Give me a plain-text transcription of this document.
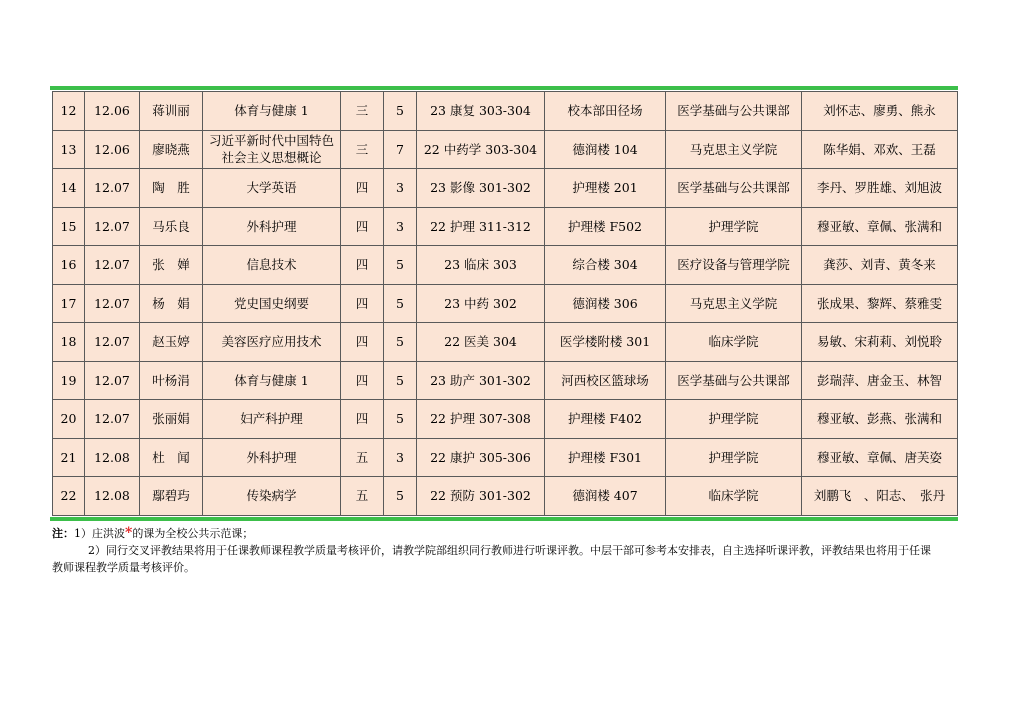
12	12.06	蒋训丽	体育与健康 1	三	5	23 康复 303-304	校本部田径场	医学基础与公共课部	刘怀志、廖勇、熊永
13	12.06	廖晓燕	习近平新时代中国特色社会主义思想概论	三	7	22 中药学 303-304	德润楼 104	马克思主义学院	陈华娟、邓欢、王磊
14	12.07	陶　胜	大学英语	四	3	23 影像 301-302	护理楼 201	医学基础与公共课部	李丹、罗胜雄、刘旭波
15	12.07	马乐良	外科护理	四	3	22 护理 311-312	护理楼 F502	护理学院	穆亚敏、章佩、张满和
16	12.07	张　婵	信息技术	四	5	23 临床 303	综合楼 304	医疗设备与管理学院	龚莎、刘青、黄冬来
17	12.07	杨　娟	党史国史纲要	四	5	23 中药 302	德润楼 306	马克思主义学院	张成果、黎辉、蔡雅雯
18	12.07	赵玉婷	美容医疗应用技术	四	5	22 医美 304	医学楼附楼 301	临床学院	易敏、宋莉莉、刘悦聆
19	12.07	叶杨涓	体育与健康 1	四	5	23 助产 301-302	河西校区篮球场	医学基础与公共课部	彭瑞萍、唐金玉、林智
20	12.07	张丽娟	妇产科护理	四	5	22 护理 307-308	护理楼 F402	护理学院	穆亚敏、彭燕、张满和
21	12.08	杜　闻	外科护理	五	3	22 康护 305-306	护理楼 F301	护理学院	穆亚敏、章佩、唐芙姿
22	12.08	鄢碧玙	传染病学	五	5	22 预防 301-302	德润楼 407	临床学院	刘鹏飞　、阳志、　张丹
注：1）庄洪波*的课为全校公共示范课；
2）同行交叉评教结果将用于任课教师课程教学质量考核评价，请教学院部组织同行教师进行听课评教。中层干部可参考本安排表，自主选择听课评教，评教结果也将用于任课
教师课程教学质量考核评价。
